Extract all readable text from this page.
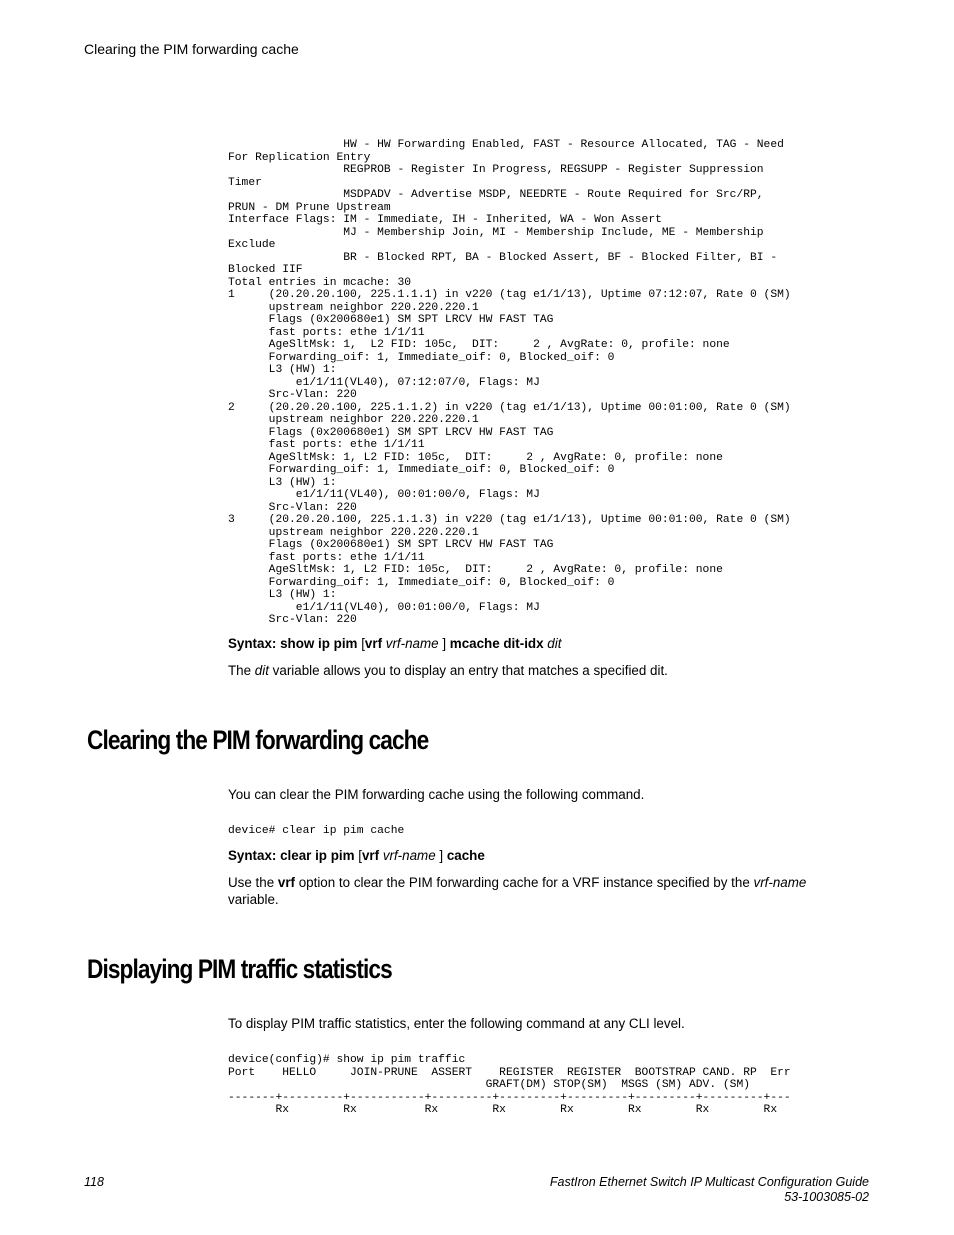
Clearing the PIM forwarding cache
HW - HW Forwarding Enabled, FAST - Resource Allocated, TAG - Need
For Replication Entry
REGPROB - Register In Progress, REGSUPP - Register Suppression
Timer
MSDPADV - Advertise MSDP, NEEDRTE - Route Required for Src/RP,
PRUN - DM Prune Upstream
Interface Flags: IM - Immediate, IH - Inherited, WA - Won Assert
MJ - Membership Join, MI - Membership Include, ME - Membership
Exclude
BR - Blocked RPT, BA - Blocked Assert, BF - Blocked Filter, BI -
Blocked IIF
Total entries in mcache: 30
1     (20.20.20.100, 225.1.1.1) in v220 (tag e1/1/13), Uptime 07:12:07, Rate 0 (SM)
upstream neighbor 220.220.220.1
Flags (0x200680e1) SM SPT LRCV HW FAST TAG
fast ports: ethe 1/1/11
AgeSltMsk: 1,  L2 FID: 105c,  DIT:     2 , AvgRate: 0, profile: none
Forwarding_oif: 1, Immediate_oif: 0, Blocked_oif: 0
L3 (HW) 1:
e1/1/11(VL40), 07:12:07/0, Flags: MJ
Src-Vlan: 220
2     (20.20.20.100, 225.1.1.2) in v220 (tag e1/1/13), Uptime 00:01:00, Rate 0 (SM)
upstream neighbor 220.220.220.1
Flags (0x200680e1) SM SPT LRCV HW FAST TAG
fast ports: ethe 1/1/11
AgeSltMsk: 1, L2 FID: 105c,  DIT:     2 , AvgRate: 0, profile: none
Forwarding_oif: 1, Immediate_oif: 0, Blocked_oif: 0
L3 (HW) 1:
e1/1/11(VL40), 00:01:00/0, Flags: MJ
Src-Vlan: 220
3     (20.20.20.100, 225.1.1.3) in v220 (tag e1/1/13), Uptime 00:01:00, Rate 0 (SM)
upstream neighbor 220.220.220.1
Flags (0x200680e1) SM SPT LRCV HW FAST TAG
fast ports: ethe 1/1/11
AgeSltMsk: 1, L2 FID: 105c,  DIT:     2 , AvgRate: 0, profile: none
Forwarding_oif: 1, Immediate_oif: 0, Blocked_oif: 0
L3 (HW) 1:
e1/1/11(VL40), 00:01:00/0, Flags: MJ
Src-Vlan: 220

Syntax: show ip pim [vrf vrf-name ] mcache dit-idx dit

The dit variable allows you to display an entry that matches a specified dit.

Clearing the PIM forwarding cache

You can clear the PIM forwarding cache using the following command.

device# clear ip pim cache

Syntax: clear ip pim [vrf vrf-name ] cache

Use the vrf option to clear the PIM forwarding cache for a VRF instance specified by the vrf-name variable.

Displaying PIM traffic statistics

To display PIM traffic statistics, enter the following command at any CLI level.

device(config)# show ip pim traffic
Port    HELLO     JOIN-PRUNE  ASSERT    REGISTER  REGISTER  BOOTSTRAP CAND. RP  Err
GRAFT(DM) STOP(SM)  MSGS (SM) ADV. (SM)
-------+---------+-----------+---------+---------+---------+---------+---------+---
Rx        Rx          Rx        Rx        Rx        Rx        Rx        Rx
118	FastIron Ethernet Switch IP Multicast Configuration Guide
53-1003085-02
